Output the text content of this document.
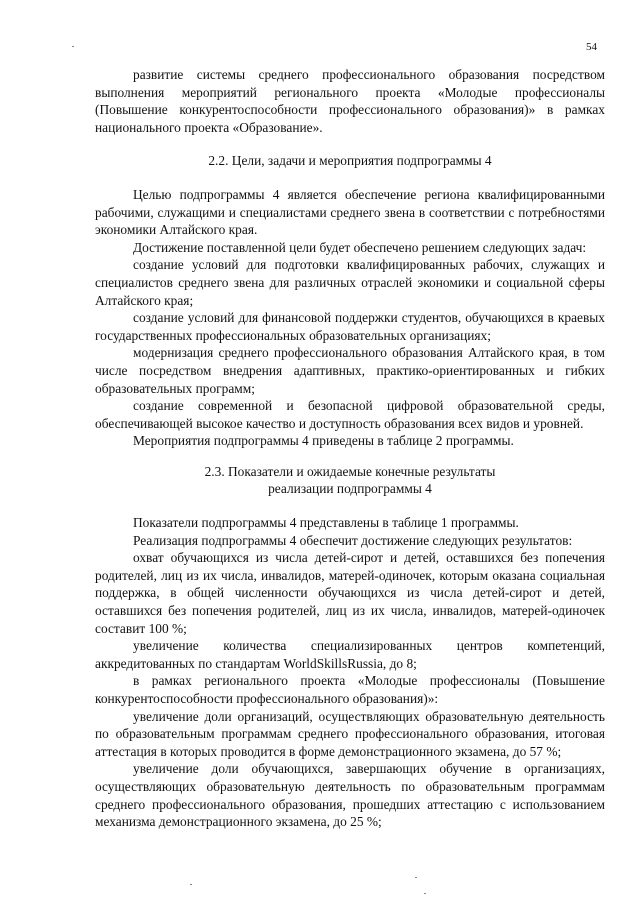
54

развитие системы среднего профессионального образования посредством выполнения мероприятий регионального проекта «Молодые профессионалы (Повышение конкурентоспособности профессионального образования)» в рамках национального проекта «Образование».

2.2. Цели, задачи и мероприятия подпрограммы 4

Целью подпрограммы 4 является обеспечение региона квалифицированными рабочими, служащими и специалистами среднего звена в соответствии с потребностями экономики Алтайского края.

Достижение поставленной цели будет обеспечено решением следующих задач:

создание условий для подготовки квалифицированных рабочих, служащих и специалистов среднего звена для различных отраслей экономики и социальной сферы Алтайского края;

создание условий для финансовой поддержки студентов, обучающихся в краевых государственных профессиональных образовательных организациях;

модернизация среднего профессионального образования Алтайского края, в том числе посредством внедрения адаптивных, практико-ориентированных и гибких образовательных программ;

создание современной и безопасной цифровой образовательной среды, обеспечивающей высокое качество и доступность образования всех видов и уровней.

Мероприятия подпрограммы 4 приведены в таблице 2 программы.

2.3. Показатели и ожидаемые конечные результаты

реализации подпрограммы 4

Показатели подпрограммы 4 представлены в таблице 1 программы.

Реализация подпрограммы 4 обеспечит достижение следующих результатов:

охват обучающихся из числа детей-сирот и детей, оставшихся без попечения родителей, лиц из их числа, инвалидов, матерей-одиночек, которым оказана социальная поддержка, в общей численности обучающихся из числа детей-сирот и детей, оставшихся без попечения родителей, лиц из их числа, инвалидов, матерей-одиночек составит 100 %;

увеличение количества специализированных центров компетенций, аккредитованных по стандартам WorldSkillsRussia, до 8;

в рамках регионального проекта «Молодые профессионалы (Повышение конкурентоспособности профессионального образования)»:

увеличение доли организаций, осуществляющих образовательную деятельность по образовательным программам среднего профессионального образования, итоговая аттестация в которых проводится в форме демонстрационного экзамена, до 57 %;

увеличение доли обучающихся, завершающих обучение в организациях, осуществляющих образовательную деятельность по образовательным программам среднего профессионального образования, прошедших аттестацию с использованием механизма демонстрационного экзамена, до 25 %;
